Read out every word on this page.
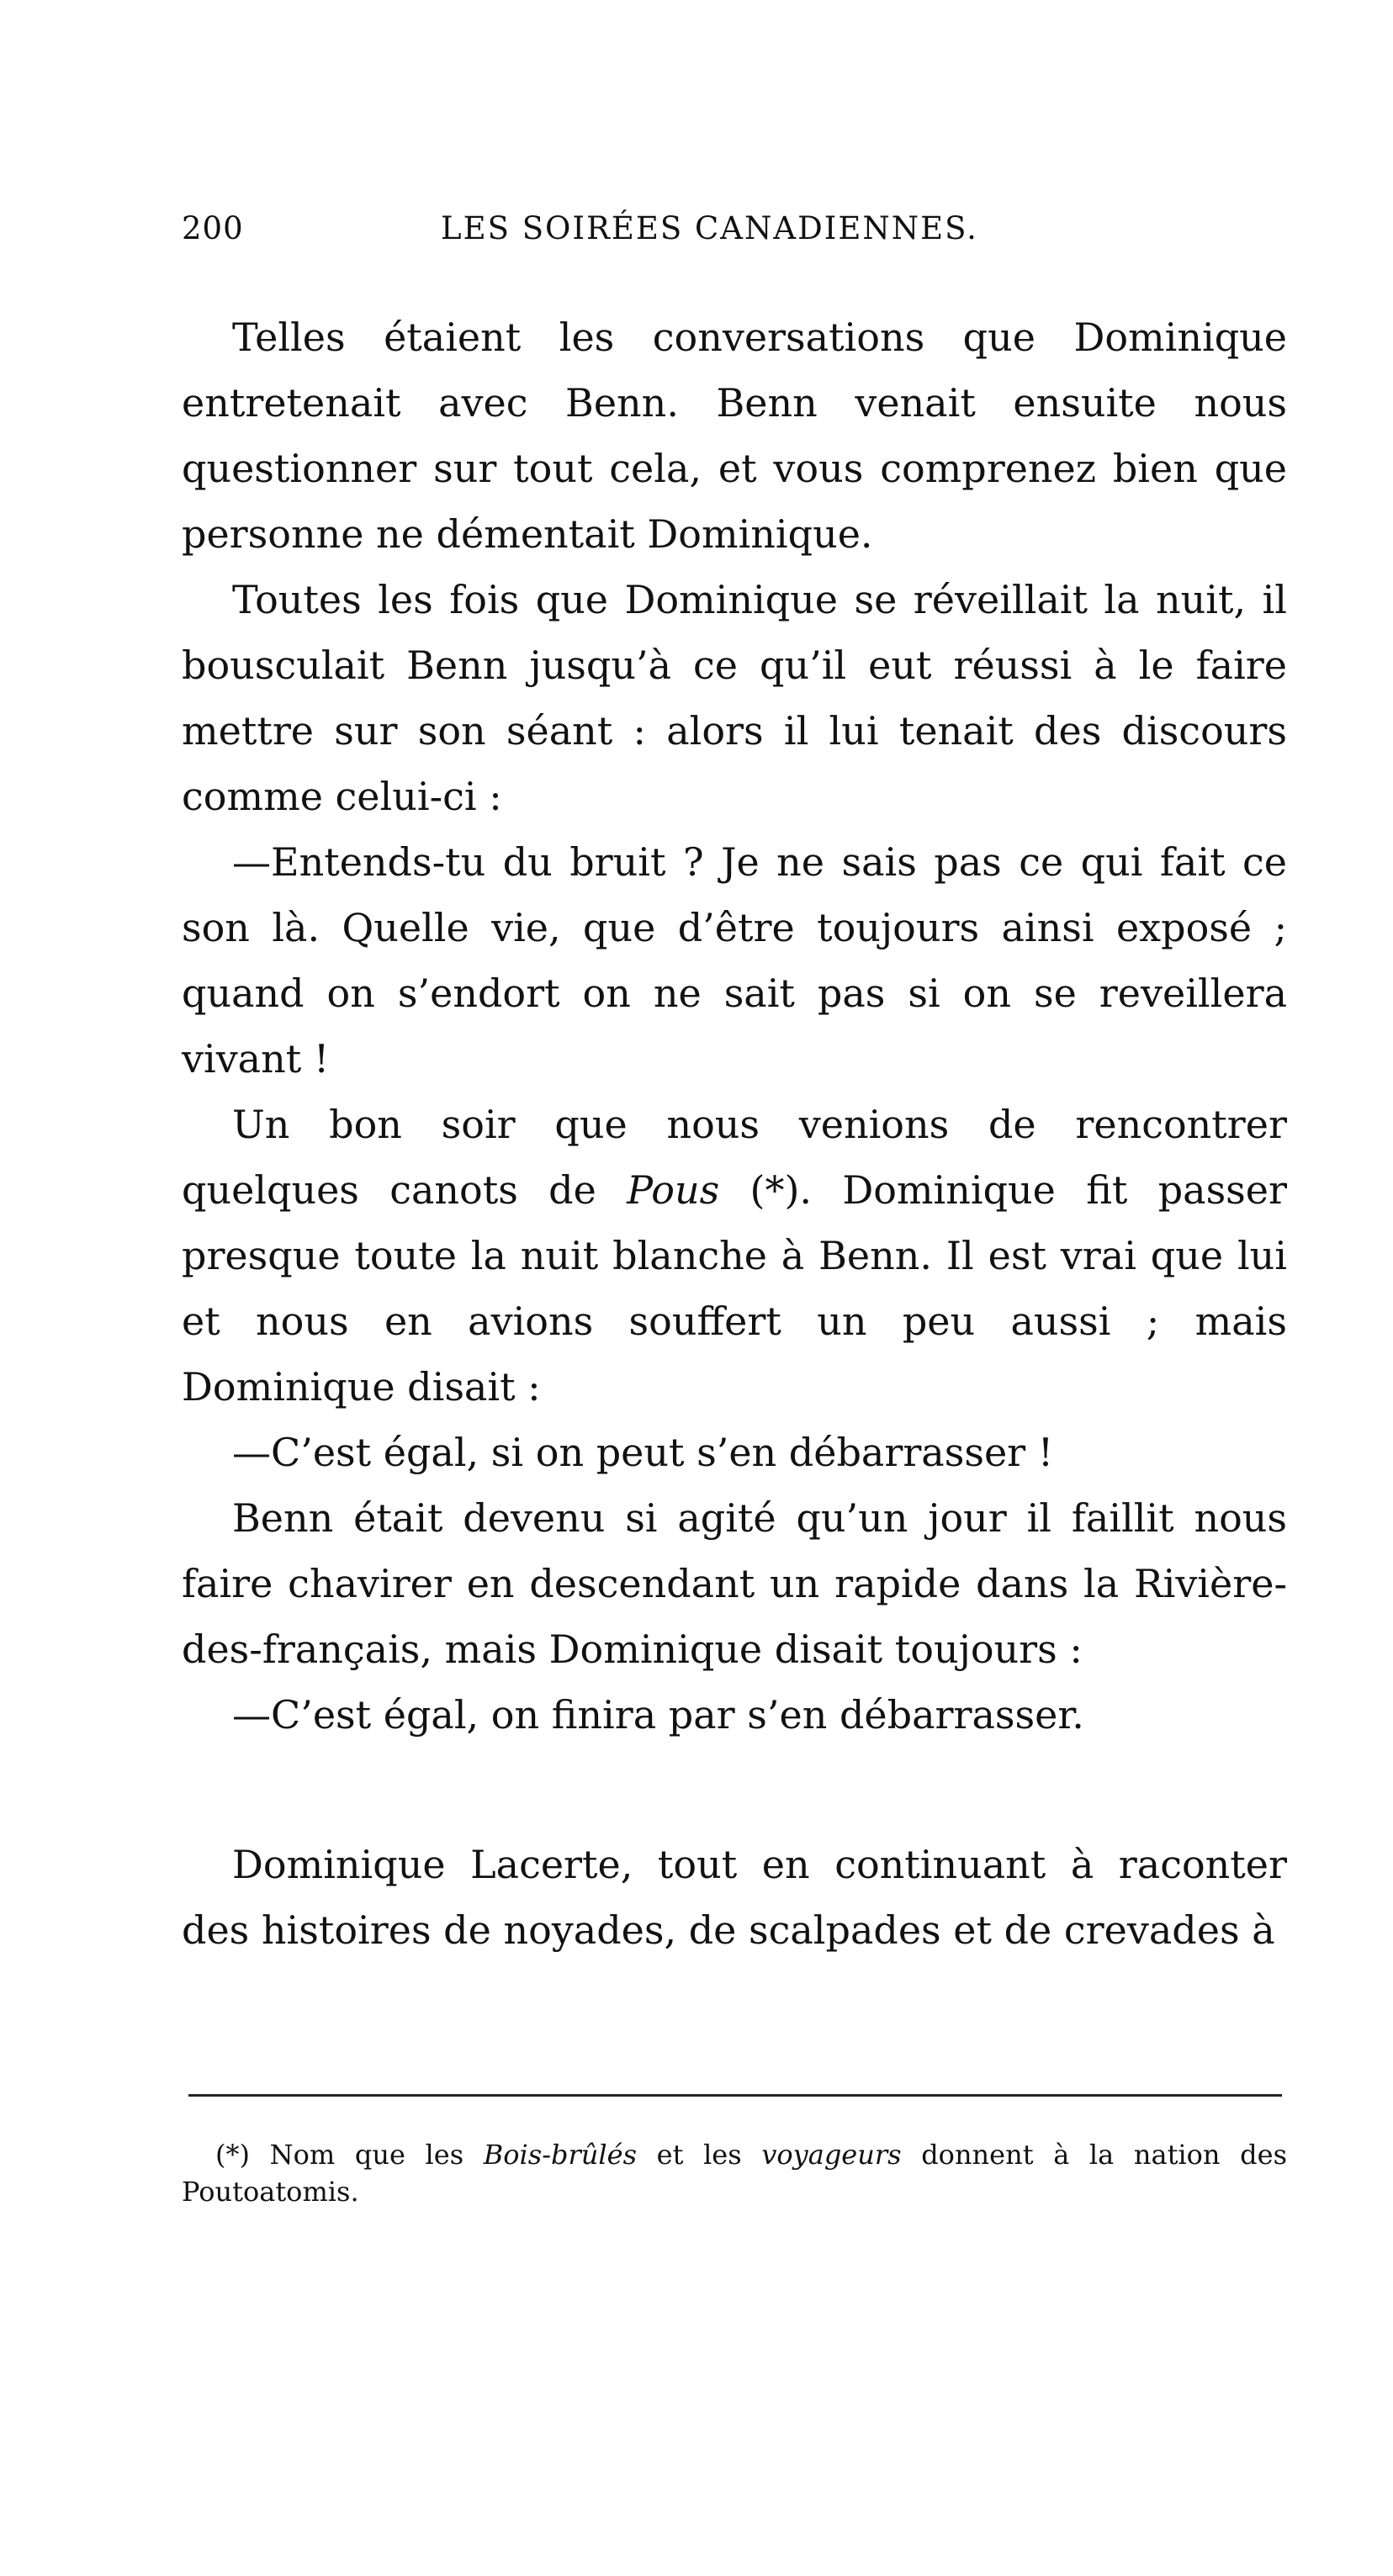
200	LES SOIRÉES CANADIENNES.

Telles étaient les conversations que Dominique entretenait avec Benn. Benn venait ensuite nous questionner sur tout cela, et vous comprenez bien que personne ne démentait Dominique.

Toutes les fois que Dominique se réveillait la nuit, il bousculait Benn jusqu’à ce qu’il eut réussi à le faire mettre sur son séant : alors il lui tenait des discours comme celui-ci :

—Entends-tu du bruit ? Je ne sais pas ce qui fait ce son là. Quelle vie, que d’être toujours ainsi exposé ; quand on s’endort on ne sait pas si on se reveillera vivant !

Un bon soir que nous venions de rencontrer quelques canots de Pous (*). Dominique fit passer presque toute la nuit blanche à Benn. Il est vrai que lui et nous en avions souffert un peu aussi ; mais Dominique disait :

—C’est égal, si on peut s’en débarrasser !

Benn était devenu si agité qu’un jour il faillit nous faire chavirer en descendant un rapide dans la Rivière-des-français, mais Dominique disait toujours :

—C’est égal, on finira par s’en débarrasser.

Dominique Lacerte, tout en continuant à raconter des histoires de noyades, de scalpades et de crevades à

(*) Nom que les Bois-brûlés et les voyageurs donnent à la nation des Poutoatomis.
